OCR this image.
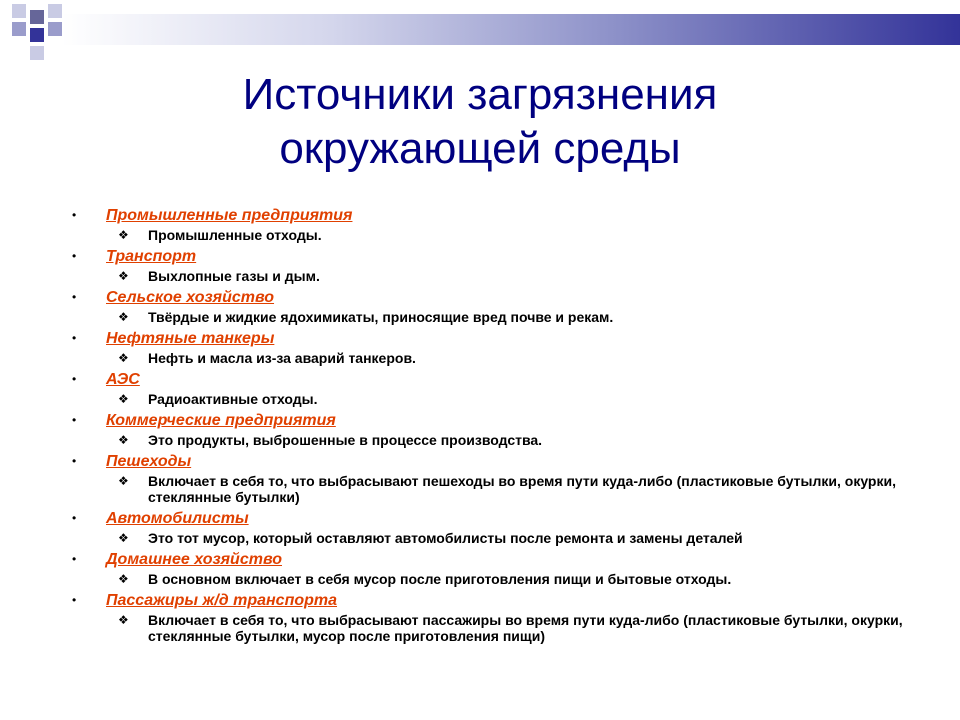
Источники загрязнения
окружающей среды
• Промышленные предприятия
❖ Промышленные отходы.
• Транспорт
❖ Выхлопные газы и дым.
• Сельское хозяйство
❖ Твёрдые и жидкие ядохимикаты, приносящие вред почве и рекам.
• Нефтяные танкеры
❖ Нефть и масла из-за аварий танкеров.
• АЭС
❖ Радиоактивные отходы.
• Коммерческие предприятия
❖ Это продукты, выброшенные в процессе производства.
• Пешеходы
❖ Включает в себя то, что выбрасывают пешеходы во время пути куда-либо (пластиковые бутылки, окурки, стеклянные бутылки)
• Автомобилисты
❖ Это тот мусор, который оставляют автомобилисты после ремонта и замены деталей
• Домашнее хозяйство
❖ В основном включает в себя мусор после приготовления пищи и бытовые отходы.
• Пассажиры ж/д транспорта
❖ Включает в себя то, что выбрасывают пассажиры во время пути куда-либо (пластиковые бутылки, окурки, стеклянные бутылки, мусор после приготовления пищи)
